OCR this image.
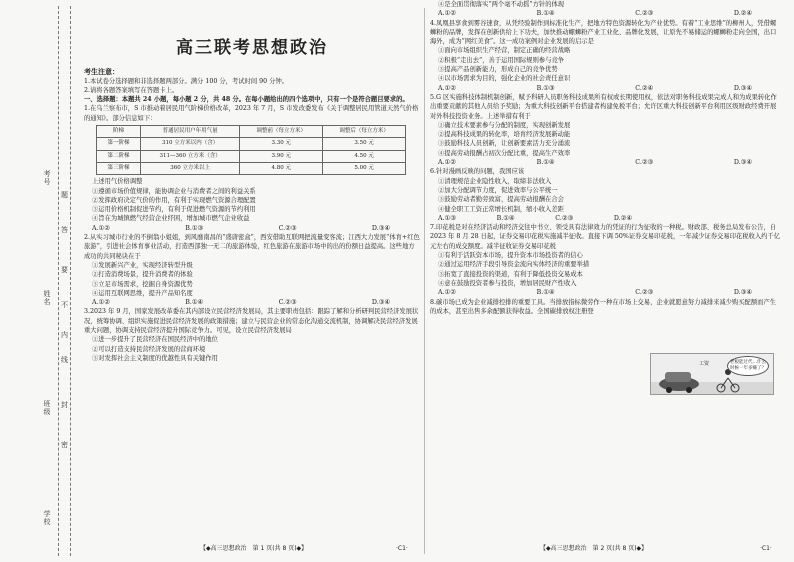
考号
姓名
班级
学校
题
答
要
不
内
线
封
密
高三联考思想政治

考生注意：

1.本试卷分选择题和非选择题两部分。满分 100 分，考试时间 90 分钟。

2.请将各题答案填写在答题卡上。

一、选择题：本题共 24 小题，每小题 2 分，共 48 分。在每小题给出的四个选项中，只有一个是符合题目要求的。

1.在乌兰察布市，S 市推动着居民用气阶梯价格改革，2023 年 7 月，S 市发改委发布《关于调整居民用管道天然气价格的通知》。部分信息如下：

阶梯	普通居民用户年用气量	调整前（每立方米）	调整后（每立方米）
第一阶梯	310 立方米以内（含）	3.30 元	3.50 元
第二阶梯	311—360 立方米（含）	3.90 元	4.50 元
第三阶梯	360 立方米以上	4.80 元	5.00 元

上述用气价格调整

①遵循市场价值规律，能协调企业与消费者之间的利益关系

②发挥政府决定气价的作用，有利于实现燃气资源合理配置

③运用价格机制促进节约，有利于促进燃气资源的节约利用

④旨在为城镇燃气经营企业纾困，增加城市燃气企业收益

A.①②	B.①③	C.②③	D.③④

2.从实习城市行业的不倒翁小姐姐，到风靡南昌的“盛唐密盒”，西安借助互联网把流量变客流；江西大力发展“体育+红色旅游”，引进社会体育事业活动，打造西部独一无二的旅游体验，红色旅游在旅游市场中的出的份额日益提高。这些地方成功的共同秘诀在于

①发展新兴产业，实现经济转型升级

②打造消费场景，提升消费者的体验

③立足市场需求，挖掘自身资源优势

④运用互联网思维，提升产品知名度

A.①②	B.①④	C.②③	D.③④

3.2023 年 9 月，国家发展改革委在其内部设立民营经济发展局，其主要职责包括：跟踪了解和分析研判民营经济发展状况，统筹协调、组织实施促进民营经济发展的政策措施；建立与民营企业的常态化沟通交流机制，协调解决民营经济发展重大问题，协调支持民营经济提升国际竞争力。可见，设立民营经济发展局

①进一步提升了民营经济在国民经济中的地位

②可以打造支持民营经济发展的营商环境

③对发挥社会主义制度的优越性具有关键作用

【◆高三思想政治　第 1 页(共 8 页)◆】	·C1·

④是全面贯彻落实“两个毫不动摇”方针的体现

A.①②	B.①④	C.②③	D.②④

4.凤凰县享食到雾谷速食，从凭经验制作到标准化生产，把地方特色资源转化为产业优势。有着“工业思维”的柳州人，凭借螺蛳粉的品牌，发挥在创新供给上下功夫，加快推动螺蛳粉产业工业化、品牌化发展，让原先不易储运的螺蛳粉走向全国，出口海外，成为“网红美食”。这一成功案例对企业发展的启示是

①面向市场组织生产经营，制定正确的经营战略

②积极“走出去”，善于运用国际规则参与竞争

③提高产品创新能力，形成自己的竞争优势

④以市场需求为目的，强化企业的社会责任意识

A.①②	B.①③	C.②④	D.③④

5.G 区实施科技体制机制创新，赋予科研人员职务科技成果所有权或长期使用权，依法对职务科技成果完成人和为成果转化作出重要贡献的其他人员给予奖励；为重大科技创新平台搭建者构建免税平台；允许区重大科技创新平台利用区级财政经费开展对外科技投资业务。上述举措有利于

①确立技术要素参与分配的制度，实现创新发展

②提高科技成果的转化率，培育经济发展新动能

③鼓励科技人员创新，让创新要素活力充分涌流

④提高劳动报酬占初次分配比重，提高生产效率

A.①②	B.①④	C.②③	D.③④

6.针对漫画反映的问题，我国应该

①清理规范企业隐性收入，取缔非法收入

②加大分配调节力度，促进效率与公平统一

③鼓励劳动者勤劳致富，提高劳动报酬在合会

④健全职工工资正常增长机制，缩小收入差距

A.①③	B.①④	C.②③	D.②④

7.印花税是对在经济活动和经济交往中书立、领受具有法律效力的凭证的行为征收的一种税。财政部、税务总局发布公告，自 2023 年 8 月 28 日起，证券交易印花税实施减半征收。直接下调 50%证券交易印花税，一年减少证券交易印花税收入约千亿元左右的成交额度。减半征收证券交易印花税

①有利于活跃资本市场，提升资本市场投资者的信心

②通过运用经济手段引导资金流向实体经济的重要举措

③拓宽了直接投资的渠道，有利于降低投资交易成本

④意在鼓励投资者参与投资，增加居民财产性收入

A.①②	B.①④	C.②③	D.③④

8.碳市场已成为企业减排控排的重要工具。当排放指标微劳作一种在市场上交易，企业就愿意努力减排来减少购买配额而产生的成本，甚至出售多余配额获得收益。全国碳排放权注册登

工资	老板能过代…什么时候一年多赚了？
【◆高三思想政治　第 2 页(共 8 页)◆】	·C1·
